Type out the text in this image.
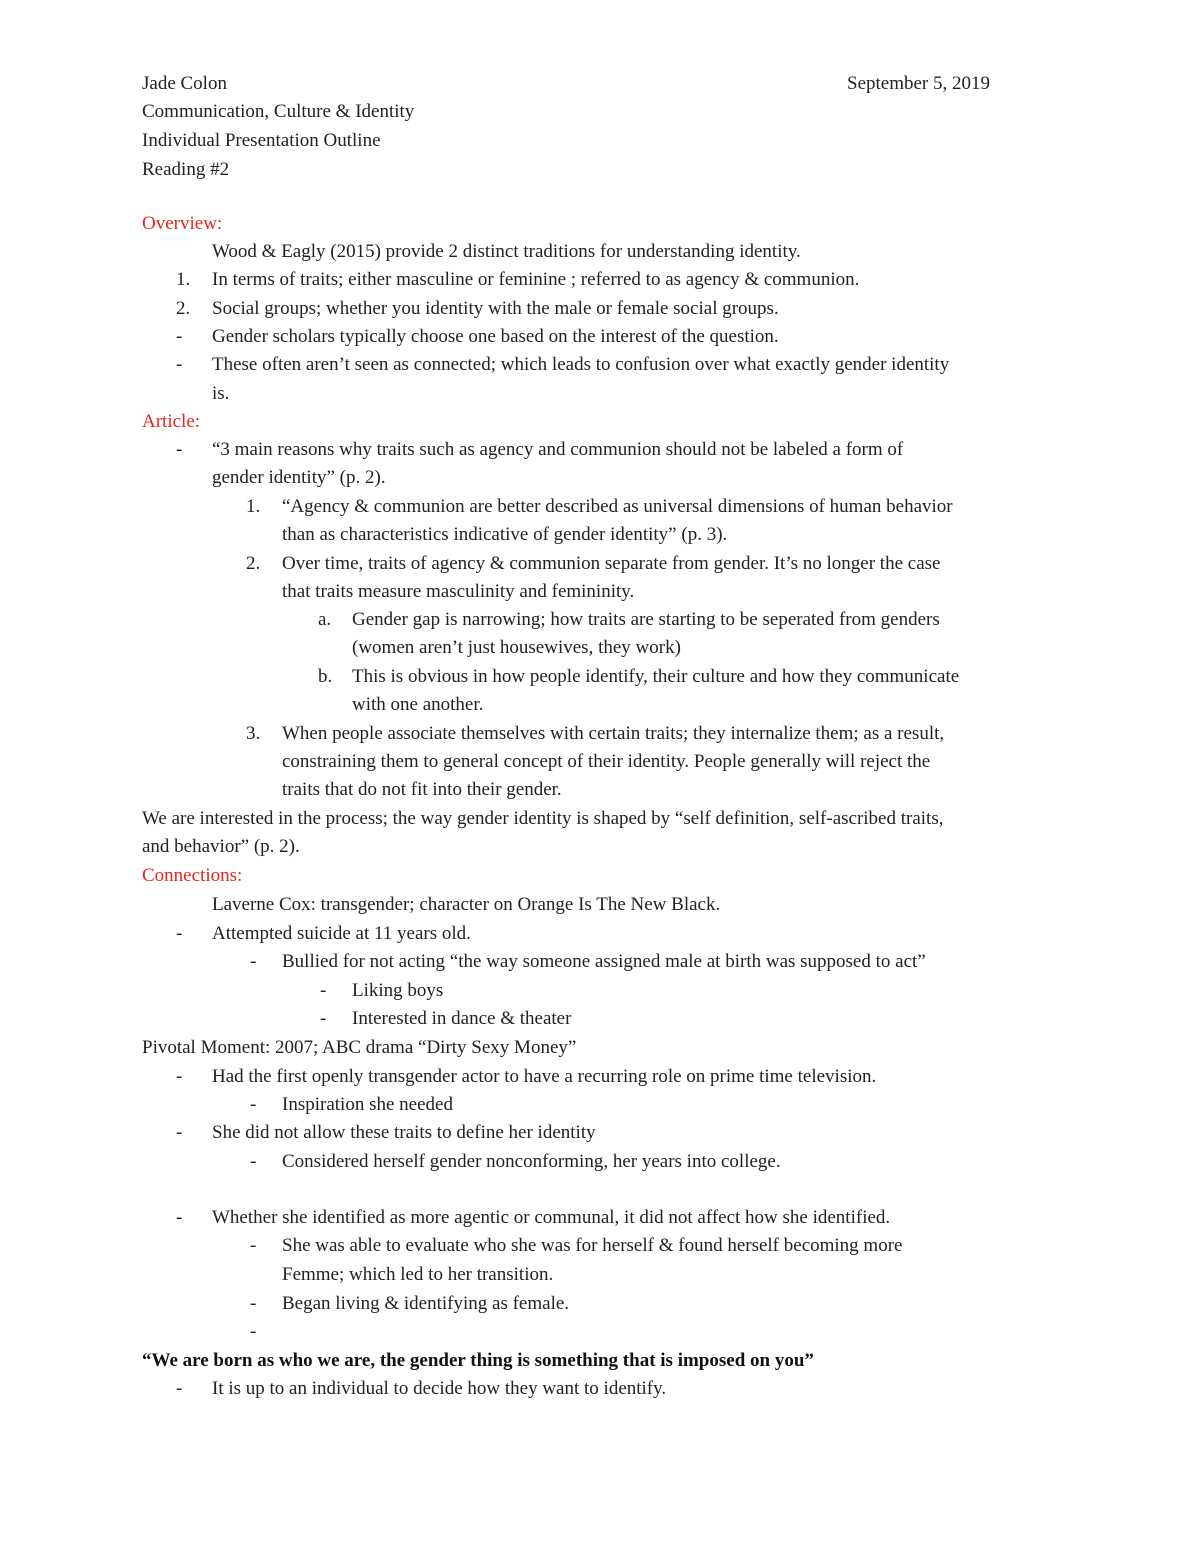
Jade Colon	September 5, 2019
Communication, Culture & Identity
Individual Presentation Outline
Reading #2
Overview:
Wood & Eagly (2015) provide 2 distinct traditions for understanding identity.
1. In terms of traits; either masculine or feminine ; referred to as agency & communion.
2. Social groups; whether you identity with the male or female social groups.
- Gender scholars typically choose one based on the interest of the question.
- These often aren’t seen as connected; which leads to confusion over what exactly gender identity
is.
Article:
- “3 main reasons why traits such as agency and communion should not be labeled a form of
gender identity” (p. 2).
1. “Agency & communion are better described as universal dimensions of human behavior
than as characteristics indicative of gender identity” (p. 3).
2. Over time, traits of agency & communion separate from gender. It’s no longer the case
that traits measure masculinity and femininity.
a. Gender gap is narrowing; how traits are starting to be seperated from genders
(women aren’t just housewives, they work)
b. This is obvious in how people identify, their culture and how they communicate
with one another.
3. When people associate themselves with certain traits; they internalize them; as a result,
constraining them to general concept of their identity. People generally will reject the
traits that do not fit into their gender.
We are interested in the process; the way gender identity is shaped by “self definition, self-ascribed traits,
and behavior” (p. 2).
Connections:
Laverne Cox: transgender; character on Orange Is The New Black.
- Attempted suicide at 11 years old.
- Bullied for not acting “the way someone assigned male at birth was supposed to act”
- Liking boys
- Interested in dance & theater
Pivotal Moment: 2007; ABC drama “Dirty Sexy Money”
- Had the first openly transgender actor to have a recurring role on prime time television.
- Inspiration she needed
- She did not allow these traits to define her identity
- Considered herself gender nonconforming, her years into college.
- Whether she identified as more agentic or communal, it did not affect how she identified.
- She was able to evaluate who she was for herself & found herself becoming more
Femme; which led to her transition.
- Began living & identifying as female.
-
“We are born as who we are, the gender thing is something that is imposed on you”
- It is up to an individual to decide how they want to identify.
